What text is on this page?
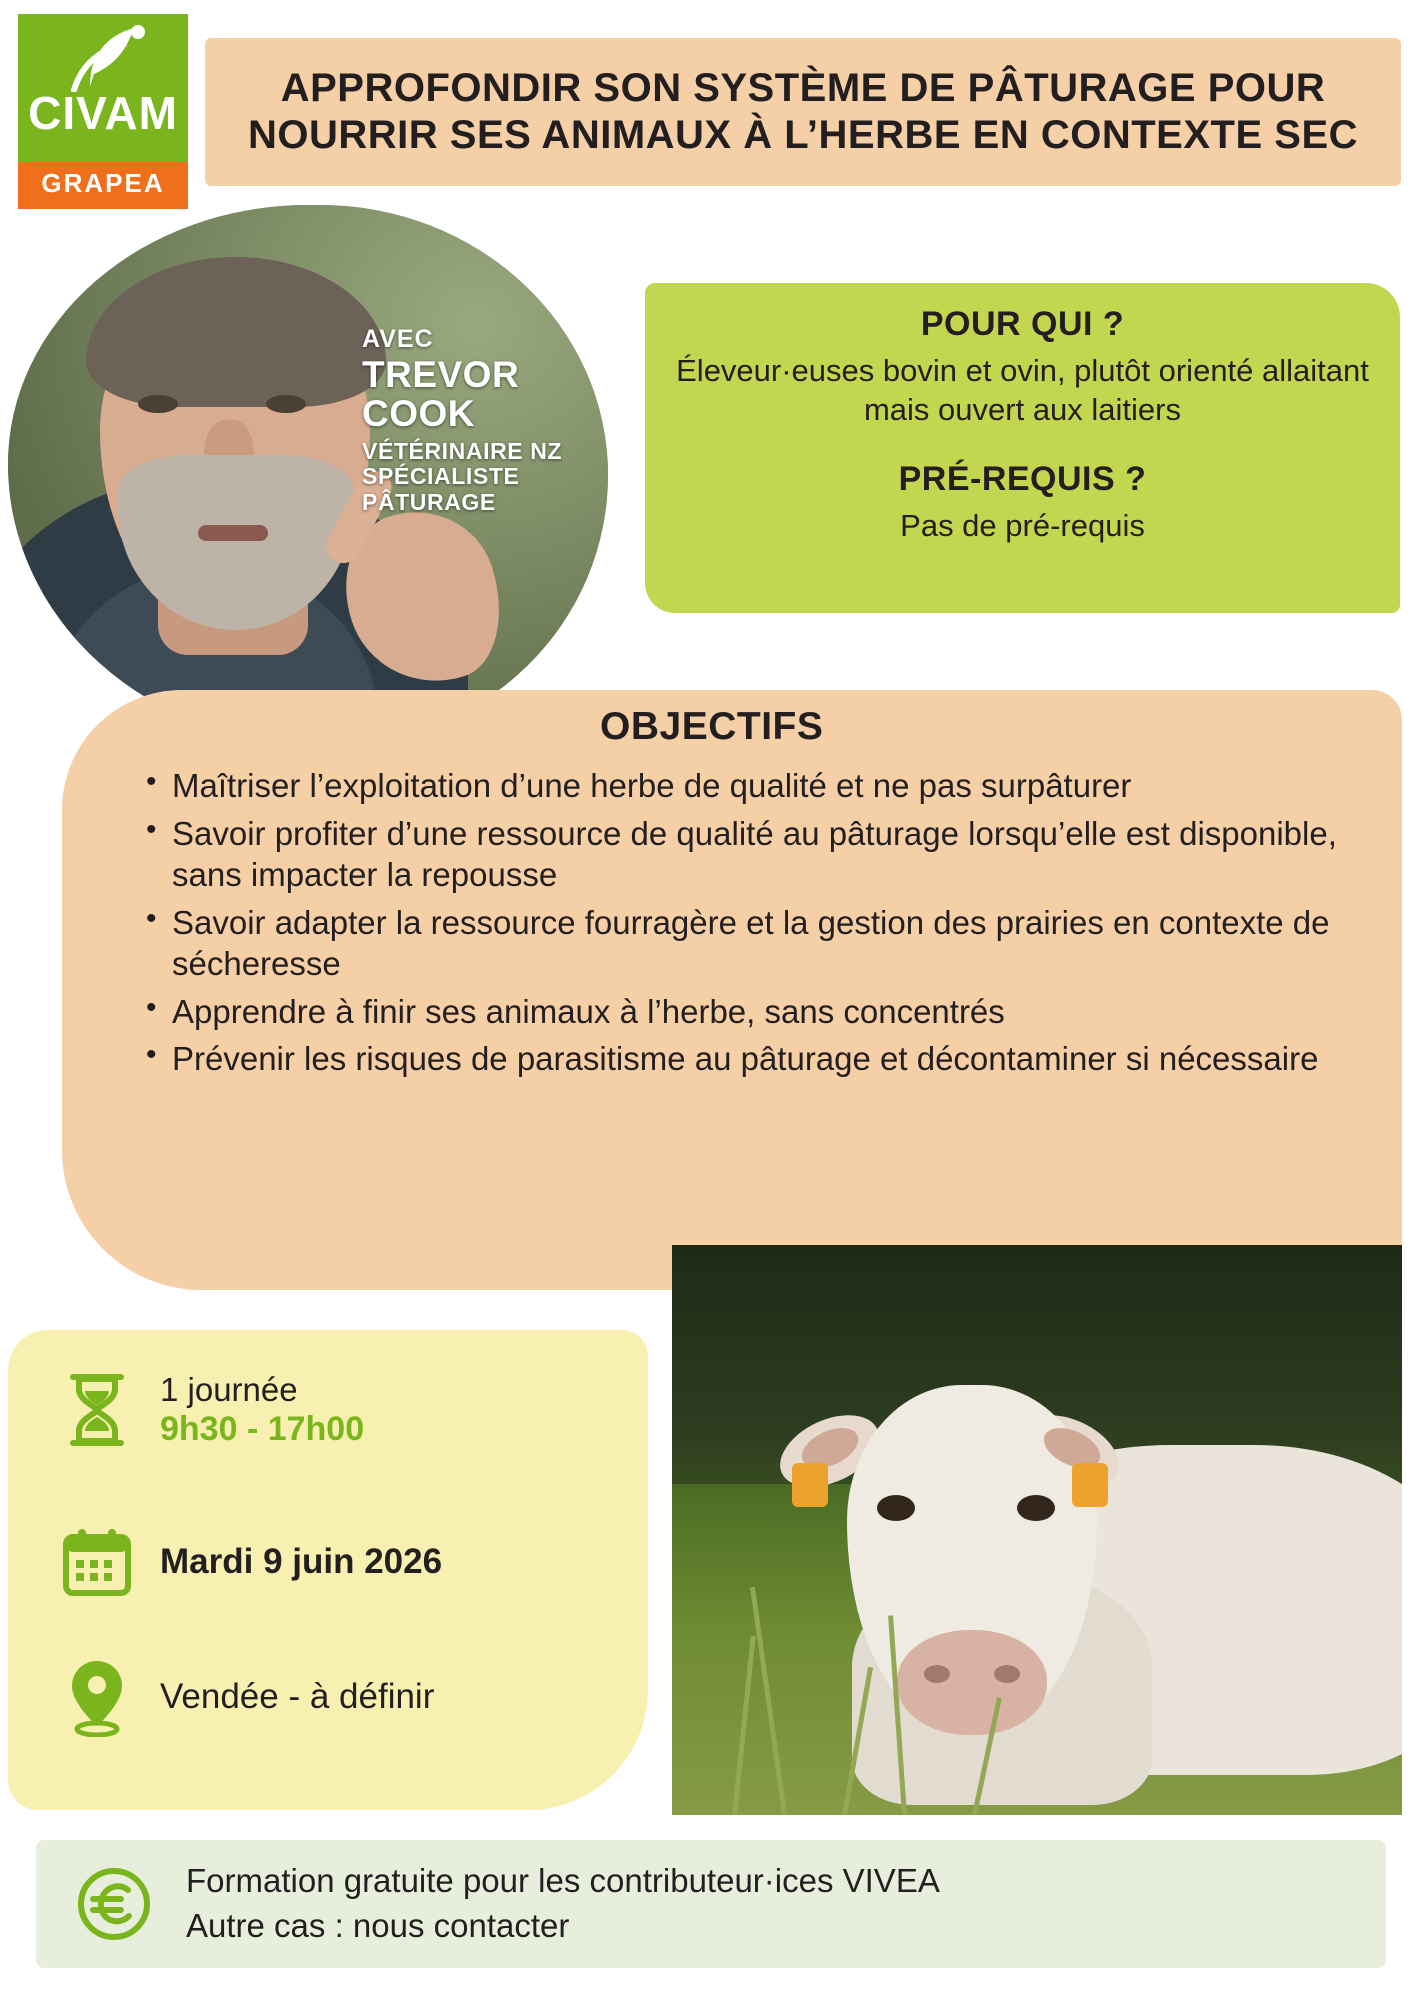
CIVAM
GRAPEA
APPROFONDIR SON SYSTÈME DE PÂTURAGE POUR NOURRIR SES ANIMAUX À L’HERBE EN CONTEXTE SEC
AVEC
TREVOR COOK
VÉTÉRINAIRE NZ SPÉCIALISTE PÂTURAGE
POUR QUI ?
Éleveur·euses bovin et ovin, plutôt orienté allaitant mais ouvert aux laitiers
PRÉ-REQUIS ?
Pas de pré-requis
OBJECTIFS
• Maîtriser l’exploitation d’une herbe de qualité et ne pas surpâturer
• Savoir profiter d’une ressource de qualité au pâturage lorsqu’elle est disponible, sans impacter la repousse
• Savoir adapter la ressource fourragère et la gestion des prairies en contexte de sécheresse
• Apprendre à finir ses animaux à l’herbe, sans concentrés
• Prévenir les risques de parasitisme au pâturage et décontaminer si nécessaire
1 journée
9h30 - 17h00
Mardi 9 juin 2026
Vendée - à définir
Formation gratuite pour les contributeur·ices VIVEA
Autre cas : nous contacter
